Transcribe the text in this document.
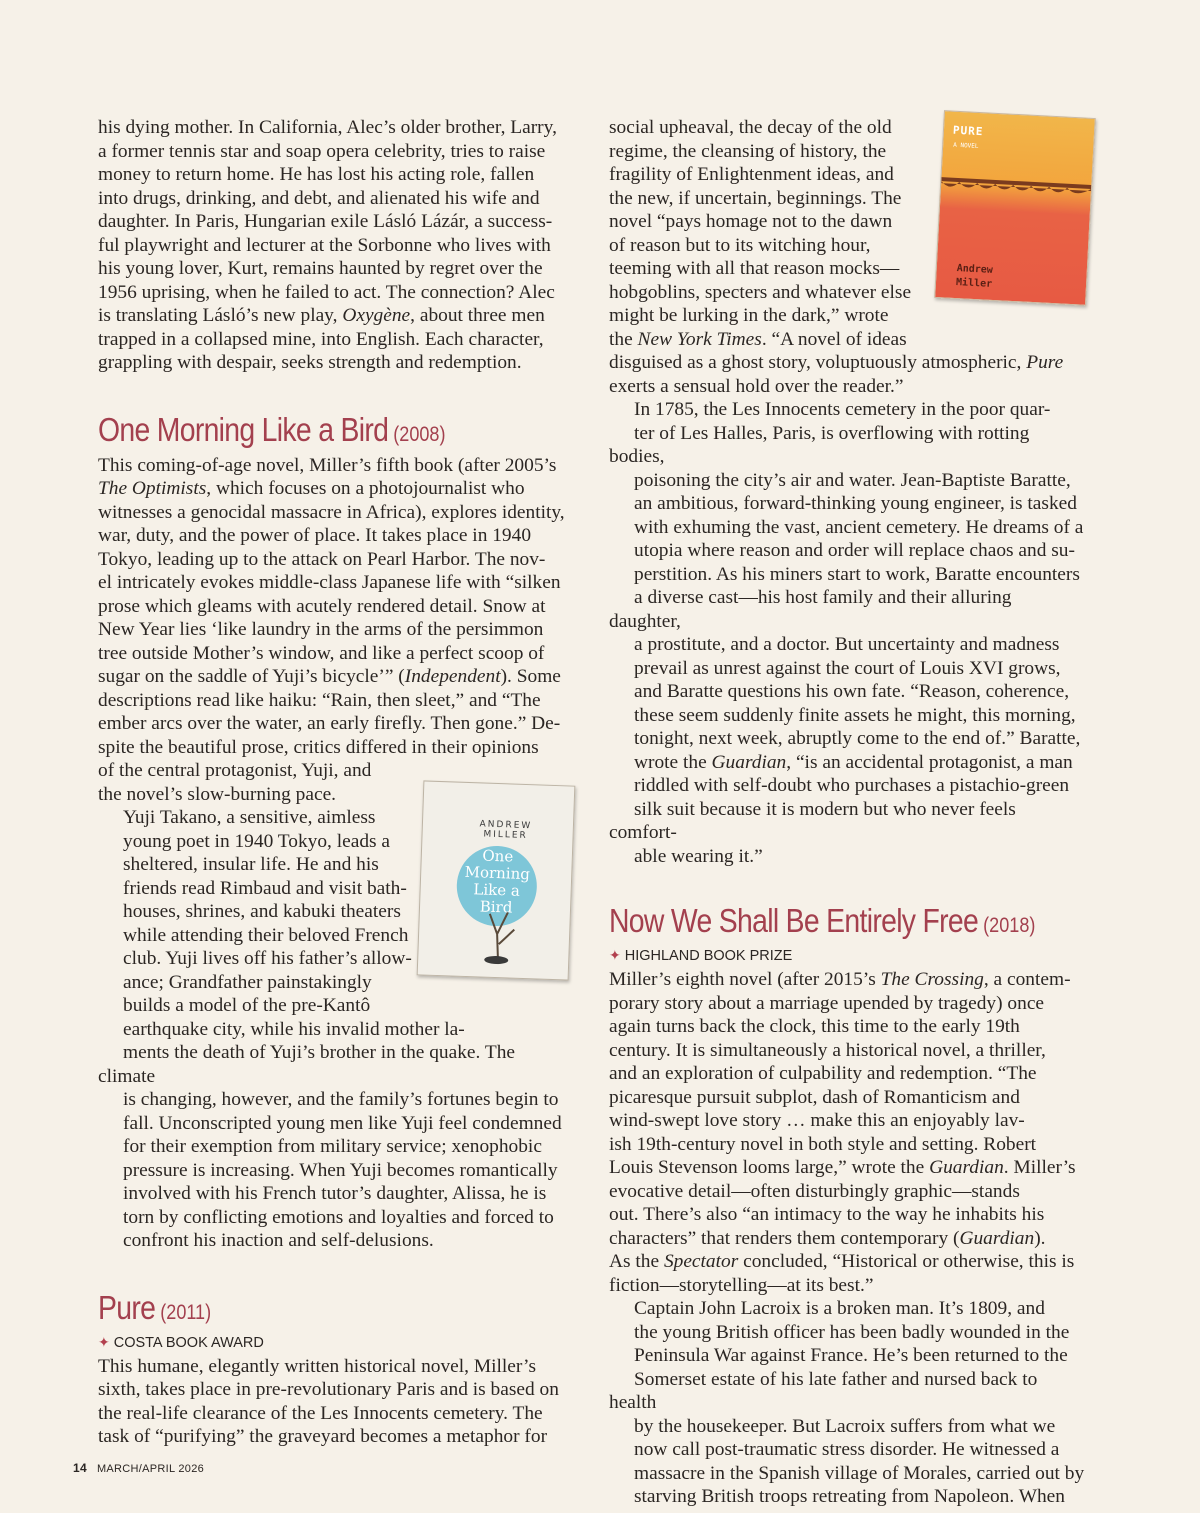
his dying mother. In California, Alec’s older brother, Larry,
a former tennis star and soap opera celebrity, tries to raise
money to return home. He has lost his acting role, fallen
into drugs, drinking, and debt, and alienated his wife and
daughter. In Paris, Hungarian exile Lásló Lázár, a success-
ful playwright and lecturer at the Sorbonne who lives with
his young lover, Kurt, remains haunted by regret over the
1956 uprising, when he failed to act. The connection? Alec
is translating Lásló’s new play, Oxygène, about three men
trapped in a collapsed mine, into English. Each character,
grappling with despair, seeks strength and redemption.

One Morning Like a Bird (2008)

This coming-of-age novel, Miller’s fifth book (after 2005’s
The Optimists, which focuses on a photojournalist who
witnesses a genocidal massacre in Africa), explores identity,
war, duty, and the power of place. It takes place in 1940
Tokyo, leading up to the attack on Pearl Harbor. The nov-
el intricately evokes middle-class Japanese life with “silken
prose which gleams with acutely rendered detail. Snow at
New Year lies ‘like laundry in the arms of the persimmon
tree outside Mother’s window, and like a perfect scoop of
sugar on the saddle of Yuji’s bicycle’” (Independent). Some
descriptions read like haiku: “Rain, then sleet,” and “The
ember arcs over the water, an early firefly. Then gone.” De-
spite the beautiful prose, critics differed in their opinions
of the central protagonist, Yuji, and
the novel’s slow-burning pace.

Yuji Takano, a sensitive, aimless
young poet in 1940 Tokyo, leads a
sheltered, insular life. He and his
friends read Rimbaud and visit bath-
houses, shrines, and kabuki theaters
while attending their beloved French
club. Yuji lives off his father’s allow-
ance; Grandfather painstakingly
builds a model of the pre-Kantô
earthquake city, while his invalid mother la-
ments the death of Yuji’s brother in the quake. The climate
is changing, however, and the family’s fortunes begin to
fall. Unconscripted young men like Yuji feel condemned
for their exemption from military service; xenophobic
pressure is increasing. When Yuji becomes romantically
involved with his French tutor’s daughter, Alissa, he is
torn by conflicting emotions and loyalties and forced to
confront his inaction and self-delusions.

Pure (2011)
✦ COSTA BOOK AWARD

This humane, elegantly written historical novel, Miller’s
sixth, takes place in pre-revolutionary Paris and is based on
the real-life clearance of the Les Innocents cemetery. The
task of “purifying” the graveyard becomes a metaphor for

social upheaval, the decay of the old
regime, the cleansing of history, the
fragility of Enlightenment ideas, and
the new, if uncertain, beginnings. The
novel “pays homage not to the dawn
of reason but to its witching hour,
teeming with all that reason mocks—
hobgoblins, specters and whatever else
might be lurking in the dark,” wrote
the New York Times. “A novel of ideas
disguised as a ghost story, voluptuously atmospheric, Pure
exerts a sensual hold over the reader.”

In 1785, the Les Innocents cemetery in the poor quar-
ter of Les Halles, Paris, is overflowing with rotting bodies,
poisoning the city’s air and water. Jean-Baptiste Baratte,
an ambitious, forward-thinking young engineer, is tasked
with exhuming the vast, ancient cemetery. He dreams of a
utopia where reason and order will replace chaos and su-
perstition. As his miners start to work, Baratte encounters
a diverse cast—his host family and their alluring daughter,
a prostitute, and a doctor. But uncertainty and madness
prevail as unrest against the court of Louis XVI grows,
and Baratte questions his own fate. “Reason, coherence,
these seem suddenly finite assets he might, this morning,
tonight, next week, abruptly come to the end of.” Baratte,
wrote the Guardian, “is an accidental protagonist, a man
riddled with self-doubt who purchases a pistachio-green
silk suit because it is modern but who never feels comfort-
able wearing it.”

Now We Shall Be Entirely Free (2018)
✦ HIGHLAND BOOK PRIZE

Miller’s eighth novel (after 2015’s The Crossing, a contem-
porary story about a marriage upended by tragedy) once
again turns back the clock, this time to the early 19th
century. It is simultaneously a historical novel, a thriller,
and an exploration of culpability and redemption. “The
picaresque pursuit subplot, dash of Romanticism and
wind-swept love story … make this an enjoyably lav-
ish 19th-century novel in both style and setting. Robert
Louis Stevenson looms large,” wrote the Guardian. Miller’s
evocative detail—often disturbingly graphic—stands
out. There’s also “an intimacy to the way he inhabits his
characters” that renders them contemporary (Guardian).
As the Spectator concluded, “Historical or otherwise, this is
fiction—storytelling—at its best.”

Captain John Lacroix is a broken man. It’s 1809, and
the young British officer has been badly wounded in the
Peninsula War against France. He’s been returned to the
Somerset estate of his late father and nursed back to health
by the housekeeper. But Lacroix suffers from what we
now call post-traumatic stress disorder. He witnessed a
massacre in the Spanish village of Morales, carried out by
starving British troops retreating from Napoleon. When

PURE
A NOVEL
Andrew Miller
ANDREW MILLER
One Morning Like a Bird
14 MARCH/APRIL 2026
